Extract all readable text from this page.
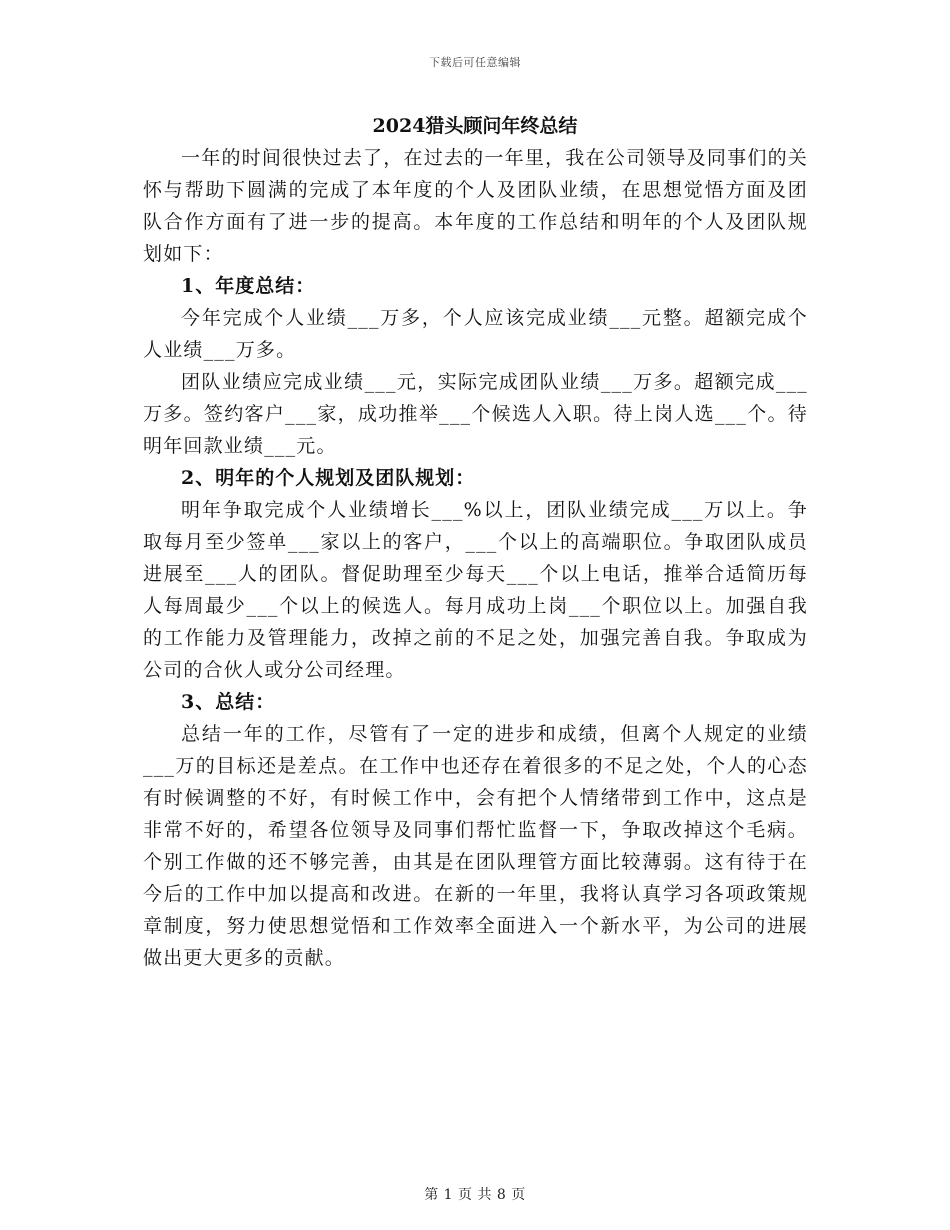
下载后可任意编辑
2024猎头顾问年终总结

一年的时间很快过去了，在过去的一年里，我在公司领导及同事们的关怀与帮助下圆满的完成了本年度的个人及团队业绩，在思想觉悟方面及团队合作方面有了进一步的提高。本年度的工作总结和明年的个人及团队规划如下：

1、年度总结：

今年完成个人业绩___万多，个人应该完成业绩___元整。超额完成个人业绩___万多。

团队业绩应完成业绩___元，实际完成团队业绩___万多。超额完成___万多。签约客户___家，成功推举___个候选人入职。待上岗人选___个。待明年回款业绩___元。

2、明年的个人规划及团队规划：

明年争取完成个人业绩增长___%以上，团队业绩完成___万以上。争取每月至少签单___家以上的客户，___个以上的高端职位。争取团队成员进展至___人的团队。督促助理至少每天___个以上电话，推举合适简历每人每周最少___个以上的候选人。每月成功上岗___个职位以上。加强自我的工作能力及管理能力，改掉之前的不足之处，加强完善自我。争取成为公司的合伙人或分公司经理。

3、总结：

总结一年的工作，尽管有了一定的进步和成绩，但离个人规定的业绩___万的目标还是差点。在工作中也还存在着很多的不足之处，个人的心态有时候调整的不好，有时候工作中，会有把个人情绪带到工作中，这点是非常不好的，希望各位领导及同事们帮忙监督一下，争取改掉这个毛病。个别工作做的还不够完善，由其是在团队理管方面比较薄弱。这有待于在今后的工作中加以提高和改进。在新的一年里，我将认真学习各项政策规章制度，努力使思想觉悟和工作效率全面进入一个新水平，为公司的进展做出更大更多的贡献。

第 1 页 共 8 页
